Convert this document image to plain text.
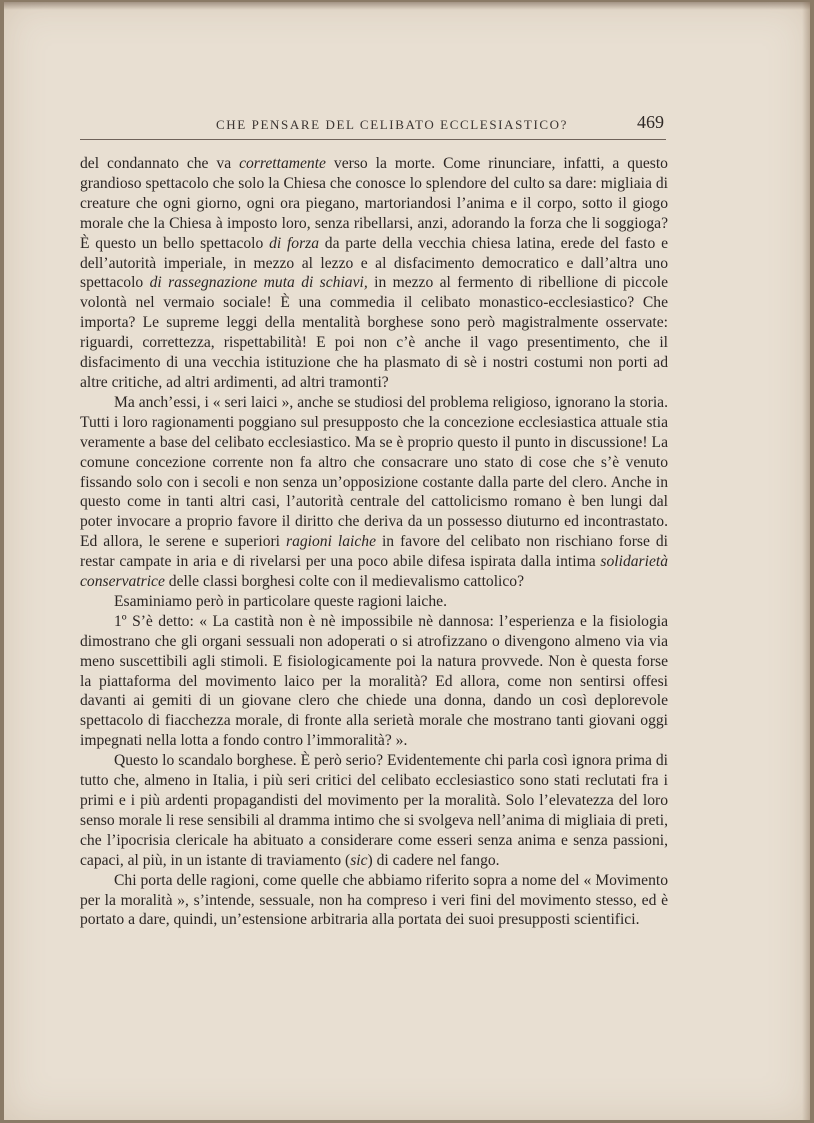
CHE PENSARE DEL CELIBATO ECCLESIASTICO?	469

del condannato che va correttamente verso la morte. Come rinunciare, infatti, a questo grandioso spettacolo che solo la Chiesa che conosce lo splendore del culto sa dare: migliaia di creature che ogni giorno, ogni ora piegano, martoriandosi l’anima e il corpo, sotto il giogo morale che la Chiesa à imposto loro, senza ribellarsi, anzi, adorando la forza che li soggioga? È questo un bello spettacolo di forza da parte della vecchia chiesa latina, erede del fasto e dell’autorità imperiale, in mezzo al lezzo e al disfacimento democratico e dall’altra uno spettacolo di rassegnazione muta di schiavi, in mezzo al fermento di ribellione di piccole volontà nel vermaio sociale! È una commedia il celibato monastico-ecclesiastico? Che importa? Le supreme leggi della mentalità borghese sono però magistralmente osservate: riguardi, correttezza, rispettabilità! E poi non c’è anche il vago presentimento, che il disfacimento di una vecchia istituzione che ha plasmato di sè i nostri costumi non porti ad altre critiche, ad altri ardimenti, ad altri tramonti?

Ma anch’essi, i « seri laici », anche se studiosi del problema religioso, ignorano la storia. Tutti i loro ragionamenti poggiano sul presupposto che la concezione ecclesiastica attuale stia veramente a base del celibato ecclesiastico. Ma se è proprio questo il punto in discussione! La comune concezione corrente non fa altro che consacrare uno stato di cose che s’è venuto fissando solo con i secoli e non senza un’opposizione costante dalla parte del clero. Anche in questo come in tanti altri casi, l’autorità centrale del cattolicismo romano è ben lungi dal poter invocare a proprio favore il diritto che deriva da un possesso diuturno ed incontrastato. Ed allora, le serene e superiori ragioni laiche in favore del celibato non rischiano forse di restar campate in aria e di rivelarsi per una poco abile difesa ispirata dalla intima solidarietà conservatrice delle classi borghesi colte con il medievalismo cattolico?

Esaminiamo però in particolare queste ragioni laiche.

1º S’è detto: « La castità non è nè impossibile nè dannosa: l’esperienza e la fisiologia dimostrano che gli organi sessuali non adoperati o si atrofizzano o divengono almeno via via meno suscettibili agli stimoli. E fisiologicamente poi la natura provvede. Non è questa forse la piattaforma del movimento laico per la moralità? Ed allora, come non sentirsi offesi davanti ai gemiti di un giovane clero che chiede una donna, dando un così deplorevole spettacolo di fiacchezza morale, di fronte alla serietà morale che mostrano tanti giovani oggi impegnati nella lotta a fondo contro l’immoralità? ».

Questo lo scandalo borghese. È però serio? Evidentemente chi parla così ignora prima di tutto che, almeno in Italia, i più seri critici del celibato ecclesiastico sono stati reclutati fra i primi e i più ardenti propagandisti del movimento per la moralità. Solo l’elevatezza del loro senso morale li rese sensibili al dramma intimo che si svolgeva nell’anima di migliaia di preti, che l’ipocrisia clericale ha abituato a considerare come esseri senza anima e senza passioni, capaci, al più, in un istante di traviamento (sic) di cadere nel fango.

Chi porta delle ragioni, come quelle che abbiamo riferito sopra a nome del « Movimento per la moralità », s’intende, sessuale, non ha compreso i veri fini del movimento stesso, ed è portato a dare, quindi, un’estensione arbitraria alla portata dei suoi presupposti scientifici.
